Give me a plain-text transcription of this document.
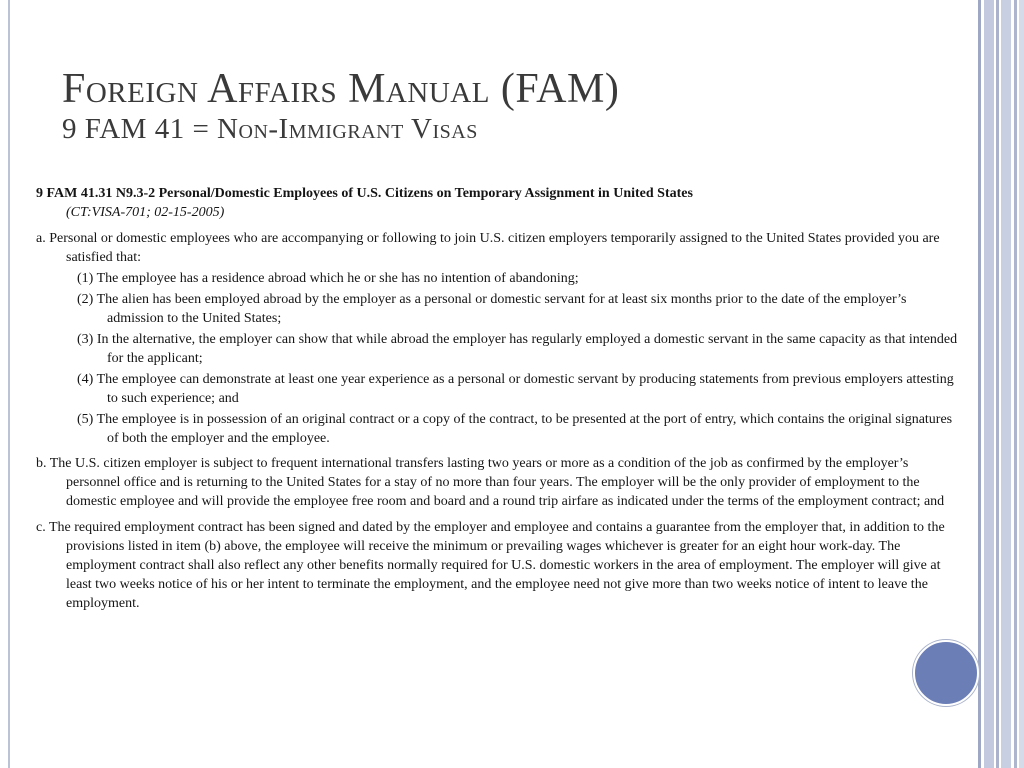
Foreign Affairs Manual (FAM)
9 FAM 41 = Non-Immigrant Visas
9 FAM 41.31 N9.3-2 Personal/Domestic Employees of U.S. Citizens on Temporary Assignment in United States
(CT:VISA-701; 02-15-2005)
a. Personal or domestic employees who are accompanying or following to join U.S. citizen employers temporarily assigned to the United States provided you are satisfied that:
(1) The employee has a residence abroad which he or she has no intention of abandoning;
(2) The alien has been employed abroad by the employer as a personal or domestic servant for at least six months prior to the date of the employer’s admission to the United States;
(3) In the alternative, the employer can show that while abroad the employer has regularly employed a domestic servant in the same capacity as that intended for the applicant;
(4) The employee can demonstrate at least one year experience as a personal or domestic servant by producing statements from previous employers attesting to such experience; and
(5) The employee is in possession of an original contract or a copy of the contract, to be presented at the port of entry, which contains the original signatures of both the employer and the employee.
b. The U.S. citizen employer is subject to frequent international transfers lasting two years or more as a condition of the job as confirmed by the employer’s personnel office and is returning to the United States for a stay of no more than four years. The employer will be the only provider of employment to the domestic employee and will provide the employee free room and board and a round trip airfare as indicated under the terms of the employment contract; and
c. The required employment contract has been signed and dated by the employer and employee and contains a guarantee from the employer that, in addition to the provisions listed in item (b) above, the employee will receive the minimum or prevailing wages whichever is greater for an eight hour work-day. The employment contract shall also reflect any other benefits normally required for U.S. domestic workers in the area of employment. The employer will give at least two weeks notice of his or her intent to terminate the employment, and the employee need not give more than two weeks notice of intent to leave the employment.
